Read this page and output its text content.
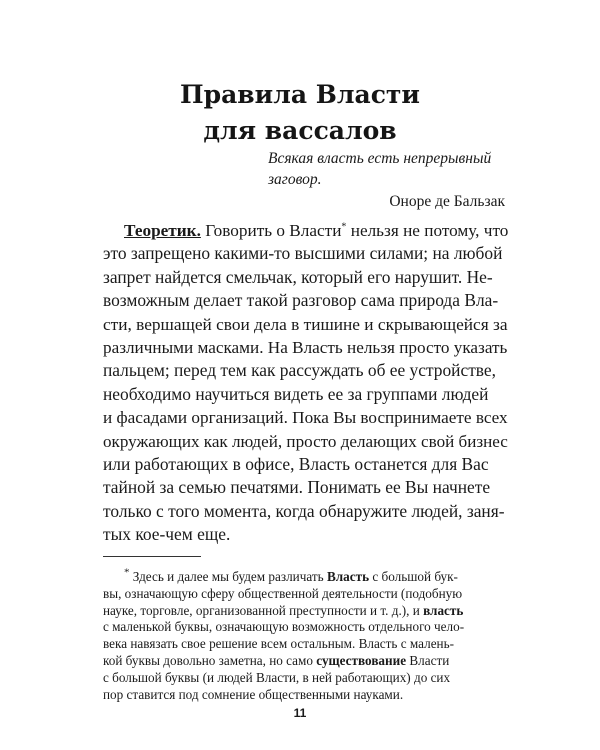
Правила Власти
для вассалов
Всякая власть есть непрерывный
заговор.
Оноре де Бальзак
Теоретик. Говорить о Власти* нельзя не потому, что
это запрещено какими-то высшими силами; на любой
запрет найдется смельчак, который его нарушит. Не-
возможным делает такой разговор сама природа Вла-
сти, вершащей свои дела в тишине и скрывающейся за
различными масками. На Власть нельзя просто указать
пальцем; перед тем как рассуждать об ее устройстве,
необходимо научиться видеть ее за группами людей
и фасадами организаций. Пока Вы воспринимаете всех
окружающих как людей, просто делающих свой бизнес
или работающих в офисе, Власть останется для Вас
тайной за семью печатями. Понимать ее Вы начнете
только с того момента, когда обнаружите людей, заня-
тых кое-чем еще.
* Здесь и далее мы будем различать Власть с большой бук-
вы, означающую сферу общественной деятельности (подобную
науке, торговле, организованной преступности и т. д.), и власть
с маленькой буквы, означающую возможность отдельного чело-
века навязать свое решение всем остальным. Власть с малень-
кой буквы довольно заметна, но само существование Власти
с большой буквы (и людей Власти, в ней работающих) до сих
пор ставится под сомнение общественными науками.
11
